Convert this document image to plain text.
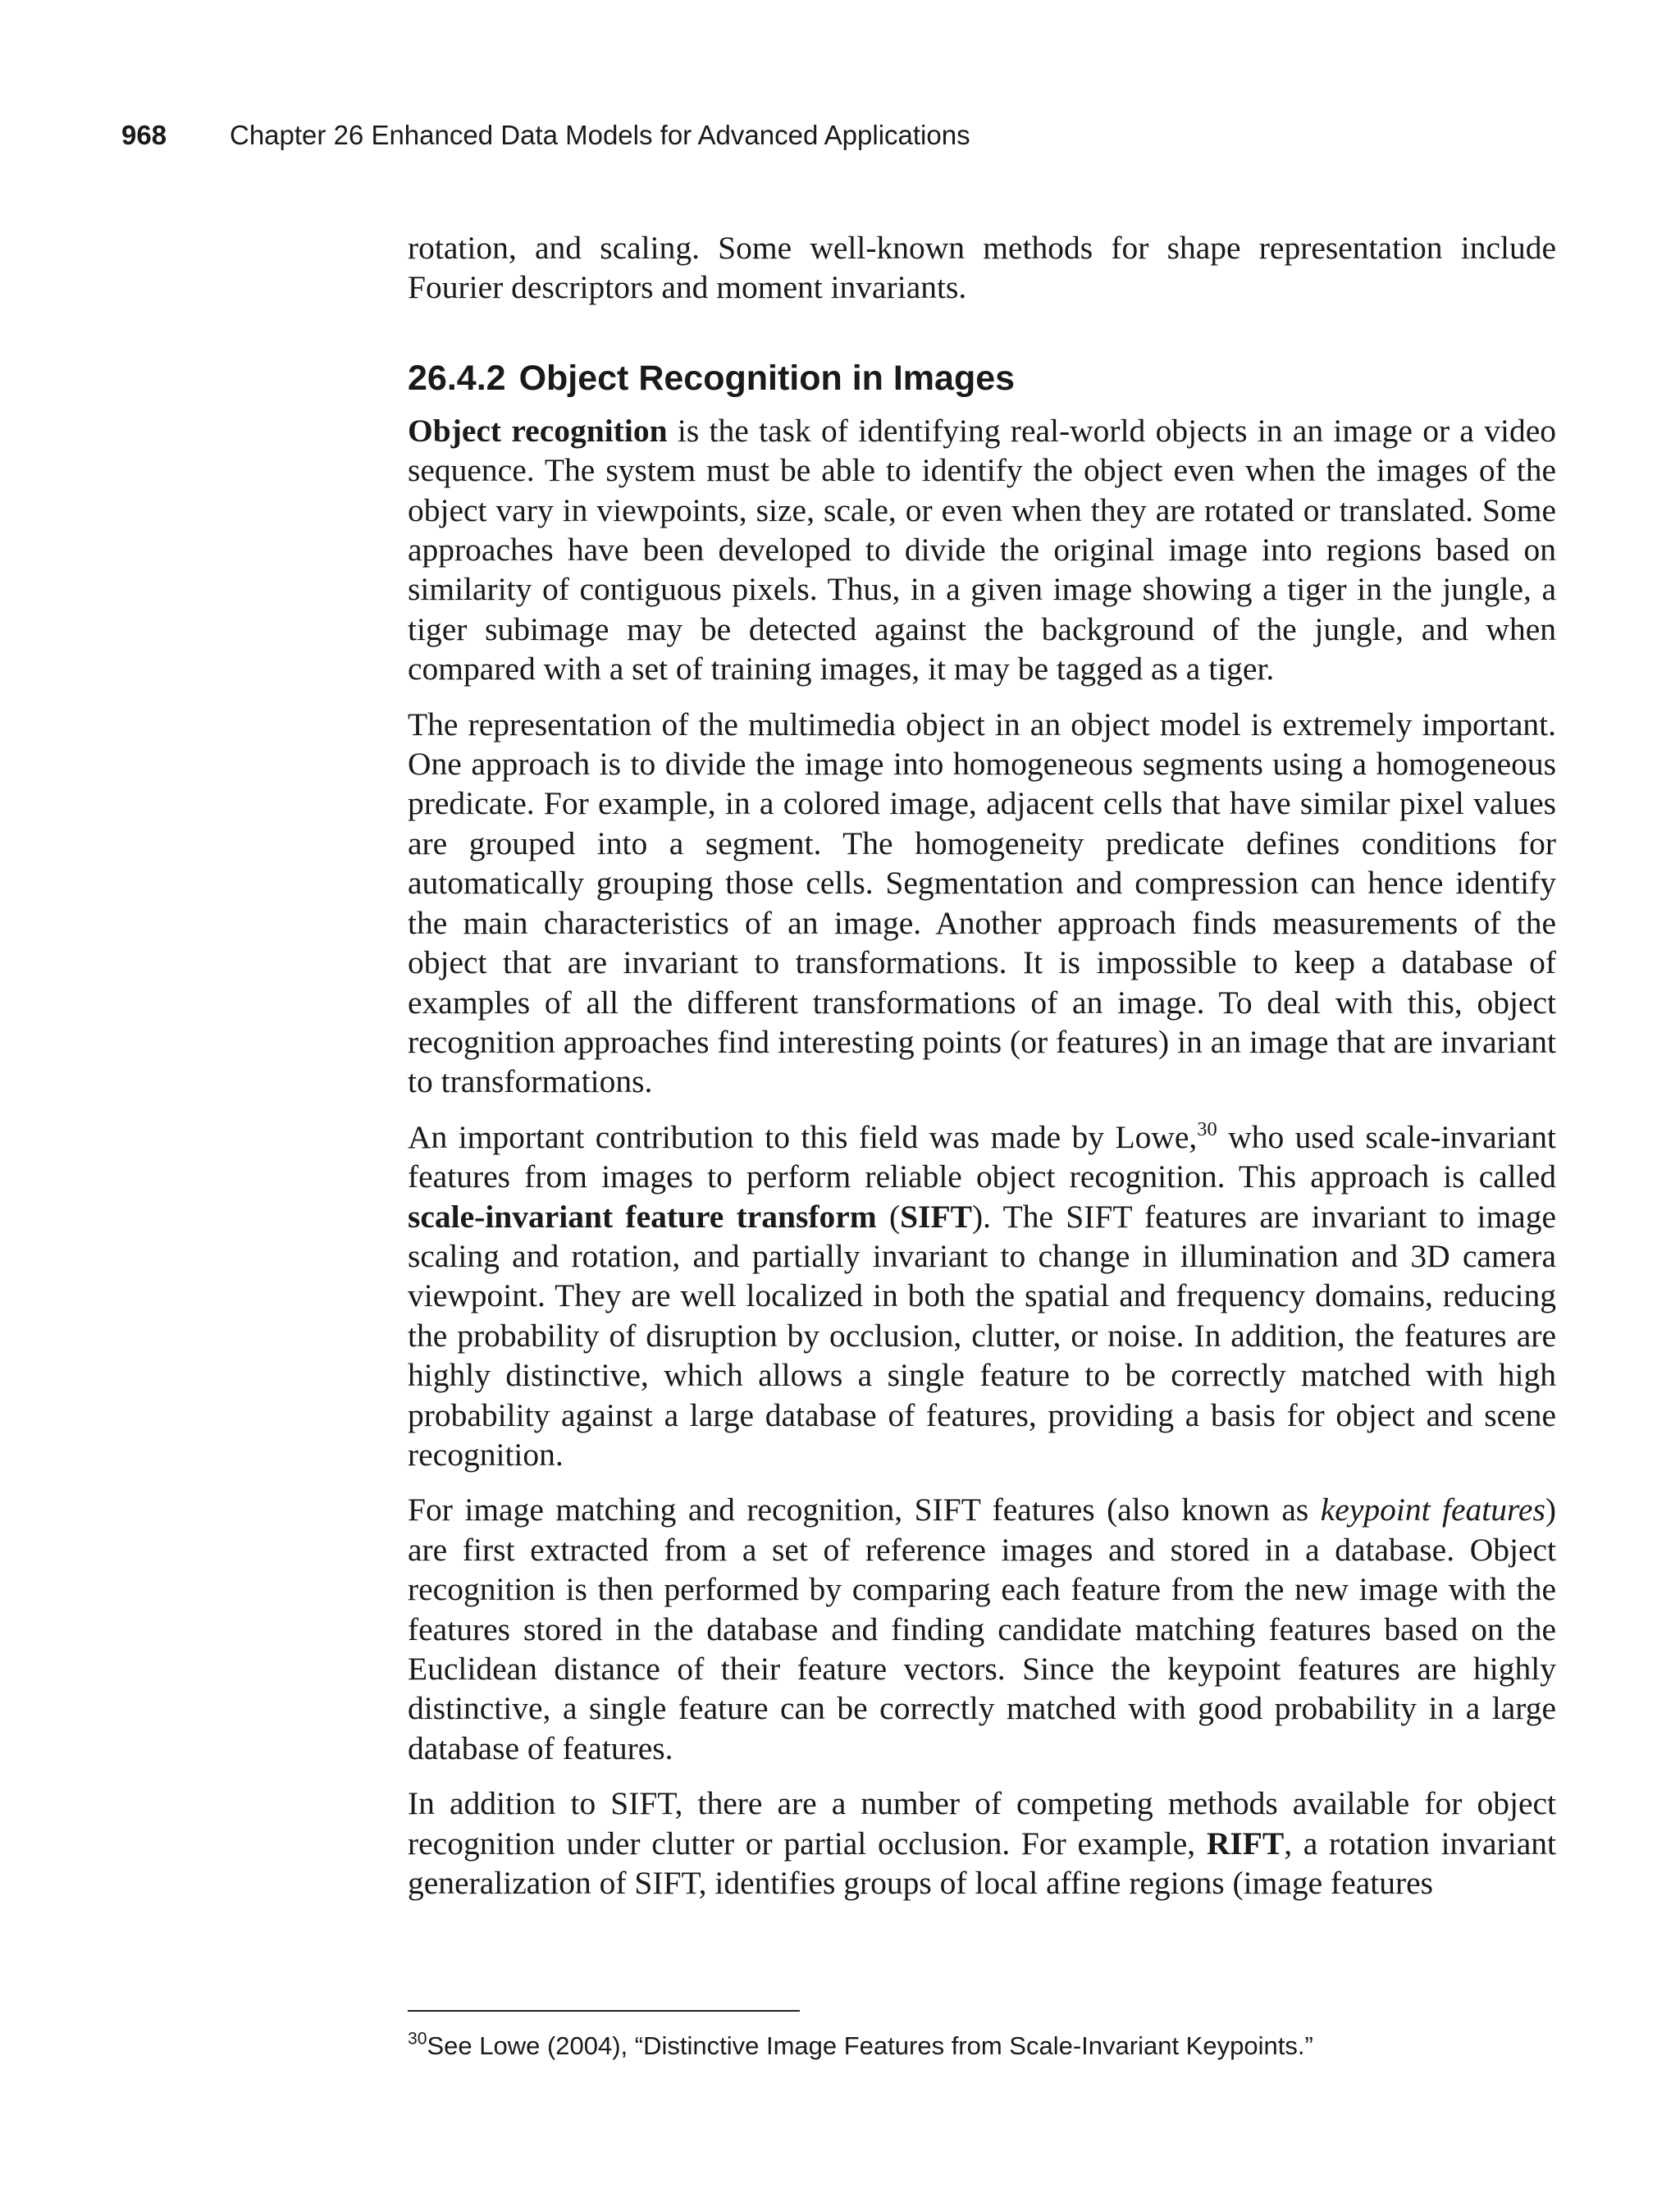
968 Chapter 26 Enhanced Data Models for Advanced Applications

rotation, and scaling. Some well-known methods for shape representation include Fourier descriptors and moment invariants.

26.4.2 Object Recognition in Images

Object recognition is the task of identifying real-world objects in an image or a video sequence. The system must be able to identify the object even when the images of the object vary in viewpoints, size, scale, or even when they are rotated or translated. Some approaches have been developed to divide the original image into regions based on similarity of contiguous pixels. Thus, in a given image showing a tiger in the jungle, a tiger subimage may be detected against the background of the jungle, and when compared with a set of training images, it may be tagged as a tiger.

The representation of the multimedia object in an object model is extremely important. One approach is to divide the image into homogeneous segments using a homogeneous predicate. For example, in a colored image, adjacent cells that have similar pixel values are grouped into a segment. The homogeneity predicate defines conditions for automatically grouping those cells. Segmentation and compression can hence identify the main characteristics of an image. Another approach finds measurements of the object that are invariant to transformations. It is impossible to keep a database of examples of all the different transformations of an image. To deal with this, object recognition approaches find interesting points (or features) in an image that are invariant to transformations.

An important contribution to this field was made by Lowe,$^{30}$ who used scale-invariant features from images to perform reliable object recognition. This approach is called scale-invariant feature transform (SIFT). The SIFT features are invariant to image scaling and rotation, and partially invariant to change in illumination and 3D camera viewpoint. They are well localized in both the spatial and frequency domains, reducing the probability of disruption by occlusion, clutter, or noise. In addition, the features are highly distinctive, which allows a single feature to be correctly matched with high probability against a large database of features, providing a basis for object and scene recognition.

For image matching and recognition, SIFT features (also known as keypoint features) are first extracted from a set of reference images and stored in a database. Object recognition is then performed by comparing each feature from the new image with the features stored in the database and finding candidate matching features based on the Euclidean distance of their feature vectors. Since the keypoint features are highly distinctive, a single feature can be correctly matched with good probability in a large database of features.

In addition to SIFT, there are a number of competing methods available for object recognition under clutter or partial occlusion. For example, RIFT, a rotation invariant generalization of SIFT, identifies groups of local affine regions (image features

$^{30}$See Lowe (2004), “Distinctive Image Features from Scale-Invariant Keypoints.”
